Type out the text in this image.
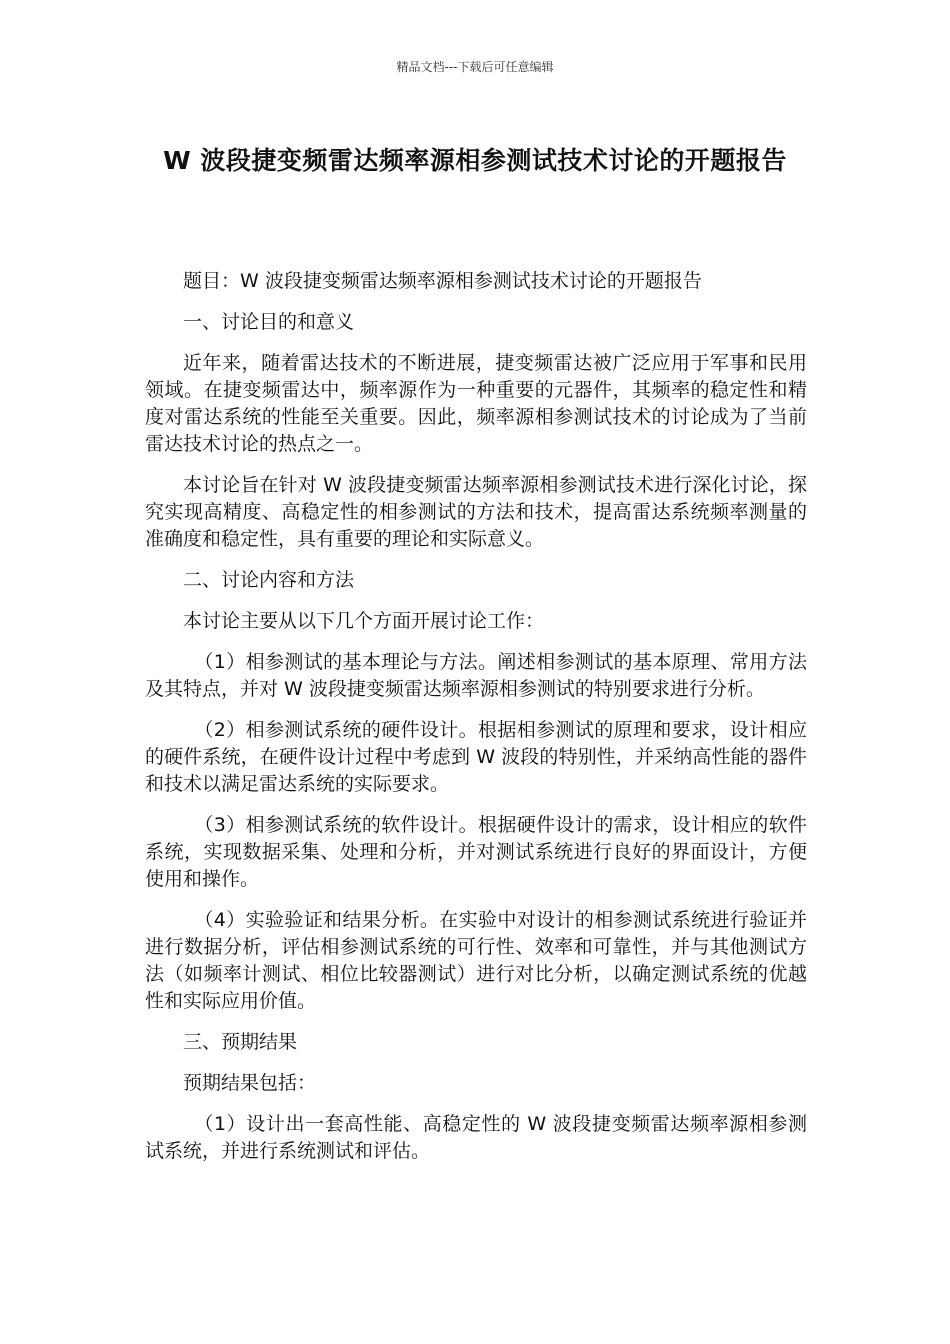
精品文档---下载后可任意编辑
W 波段捷变频雷达频率源相参测试技术讨论的开题报告

题目：W 波段捷变频雷达频率源相参测试技术讨论的开题报告

一、讨论目的和意义

近年来，随着雷达技术的不断进展，捷变频雷达被广泛应用于军事和民用领域。在捷变频雷达中，频率源作为一种重要的元器件，其频率的稳定性和精度对雷达系统的性能至关重要。因此，频率源相参测试技术的讨论成为了当前雷达技术讨论的热点之一。

本讨论旨在针对 W 波段捷变频雷达频率源相参测试技术进行深化讨论，探究实现高精度、高稳定性的相参测试的方法和技术，提高雷达系统频率测量的准确度和稳定性，具有重要的理论和实际意义。

二、讨论内容和方法

本讨论主要从以下几个方面开展讨论工作：

（1）相参测试的基本理论与方法。阐述相参测试的基本原理、常用方法及其特点，并对 W 波段捷变频雷达频率源相参测试的特别要求进行分析。

（2）相参测试系统的硬件设计。根据相参测试的原理和要求，设计相应的硬件系统，在硬件设计过程中考虑到 W 波段的特别性，并采纳高性能的器件和技术以满足雷达系统的实际要求。

（3）相参测试系统的软件设计。根据硬件设计的需求，设计相应的软件系统，实现数据采集、处理和分析，并对测试系统进行良好的界面设计，方便使用和操作。

（4）实验验证和结果分析。在实验中对设计的相参测试系统进行验证并进行数据分析，评估相参测试系统的可行性、效率和可靠性，并与其他测试方法（如频率计测试、相位比较器测试）进行对比分析，以确定测试系统的优越性和实际应用价值。

三、预期结果

预期结果包括：

（1）设计出一套高性能、高稳定性的 W 波段捷变频雷达频率源相参测试系统，并进行系统测试和评估。
